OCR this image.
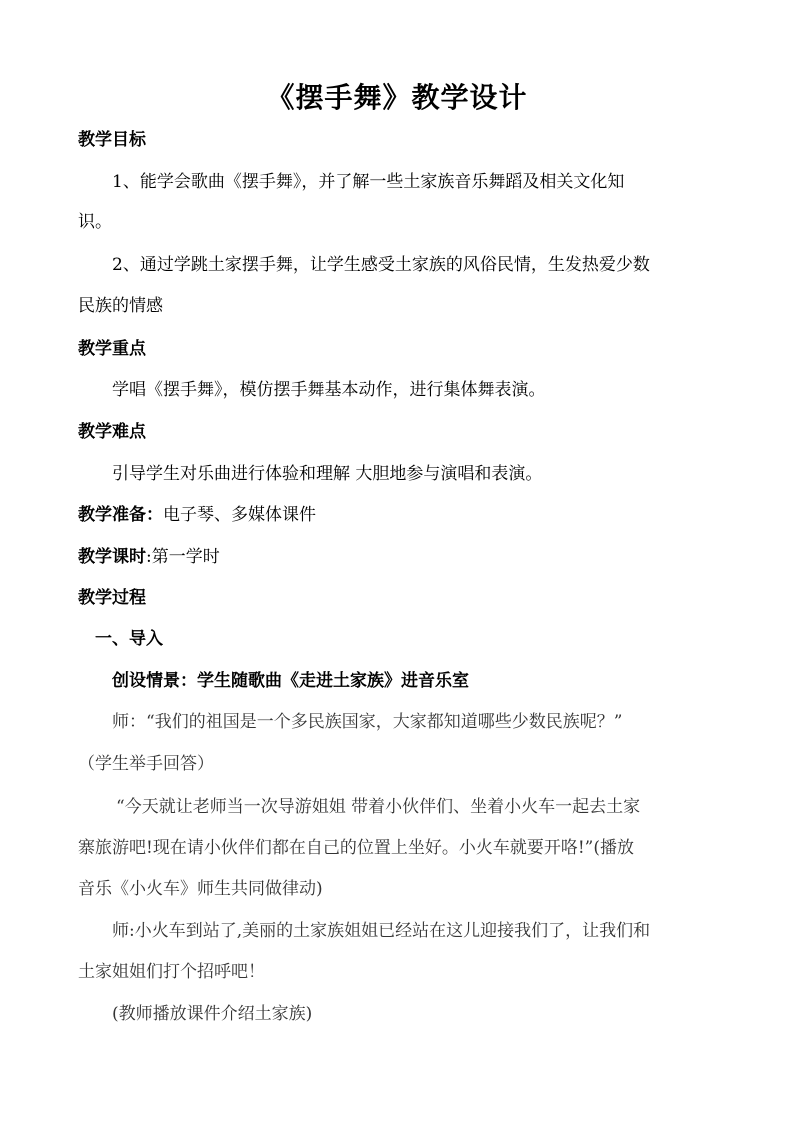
《摆手舞》教学设计

教学目标

1、能学会歌曲《摆手舞》，并了解一些土家族音乐舞蹈及相关文化知

识。

2、通过学跳土家摆手舞，让学生感受土家族的风俗民情，生发热爱少数

民族的情感

教学重点

学唱《摆手舞》，模仿摆手舞基本动作，进行集体舞表演。

教学难点

引导学生对乐曲进行体验和理解 大胆地参与演唱和表演。

教学准备：电子琴、多媒体课件

教学课时:第一学时

教学过程

一、导入

创设情景：学生随歌曲《走进土家族》进音乐室

师：“我们的祖国是一个多民族国家，大家都知道哪些少数民族呢？”

（学生举手回答）

“今天就让老师当一次导游姐姐 带着小伙伴们、坐着小火车一起去土家

寨旅游吧!现在请小伙伴们都在自己的位置上坐好。小火车就要开咯!”(播放

音乐《小火车》师生共同做律动)

师:小火车到站了,美丽的土家族姐姐已经站在这儿迎接我们了，让我们和

土家姐姐们打个招呼吧！

(教师播放课件介绍土家族)
